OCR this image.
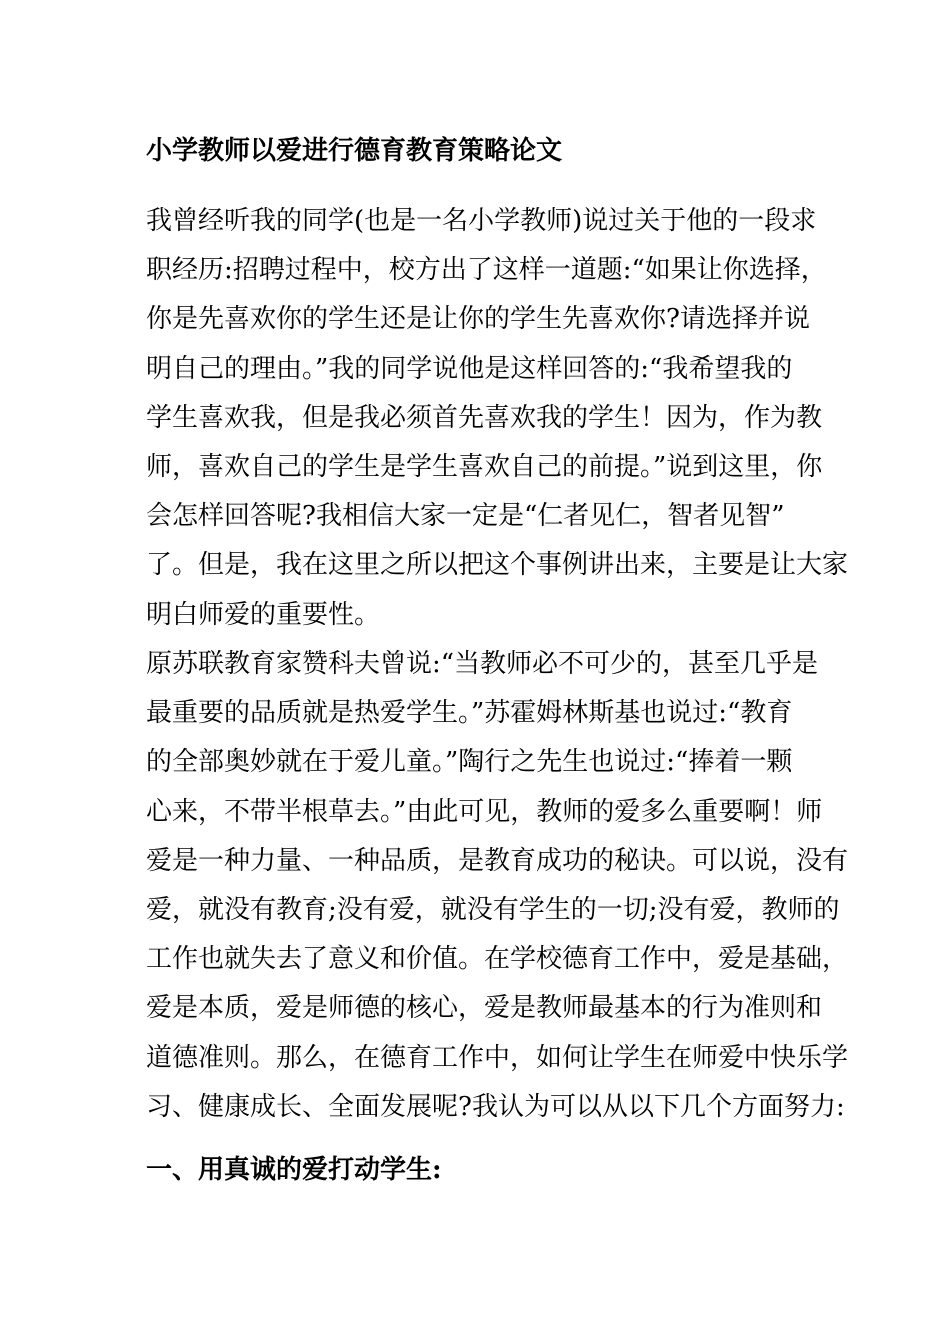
小学教师以爱进行德育教育策略论文
我曾经听我的同学(也是一名小学教师)说过关于他的一段求
职经历:招聘过程中，校方出了这样一道题:“如果让你选择，
你是先喜欢你的学生还是让你的学生先喜欢你?请选择并说
明自己的理由。”我的同学说他是这样回答的:“我希望我的
学生喜欢我，但是我必须首先喜欢我的学生！因为，作为教
师，喜欢自己的学生是学生喜欢自己的前提。”说到这里，你
会怎样回答呢?我相信大家一定是“仁者见仁，智者见智”
了。但是，我在这里之所以把这个事例讲出来，主要是让大家
明白师爱的重要性。
原苏联教育家赞科夫曾说:“当教师必不可少的，甚至几乎是
最重要的品质就是热爱学生。”苏霍姆林斯基也说过:“教育
的全部奥妙就在于爱儿童。”陶行之先生也说过:“捧着一颗
心来，不带半根草去。”由此可见，教师的爱多么重要啊！师
爱是一种力量、一种品质，是教育成功的秘诀。可以说，没有
爱，就没有教育;没有爱，就没有学生的一切;没有爱，教师的
工作也就失去了意义和价值。在学校德育工作中，爱是基础，
爱是本质，爱是师德的核心，爱是教师最基本的行为准则和
道德准则。那么，在德育工作中，如何让学生在师爱中快乐学
习、健康成长、全面发展呢?我认为可以从以下几个方面努力:
一、用真诚的爱打动学生:
